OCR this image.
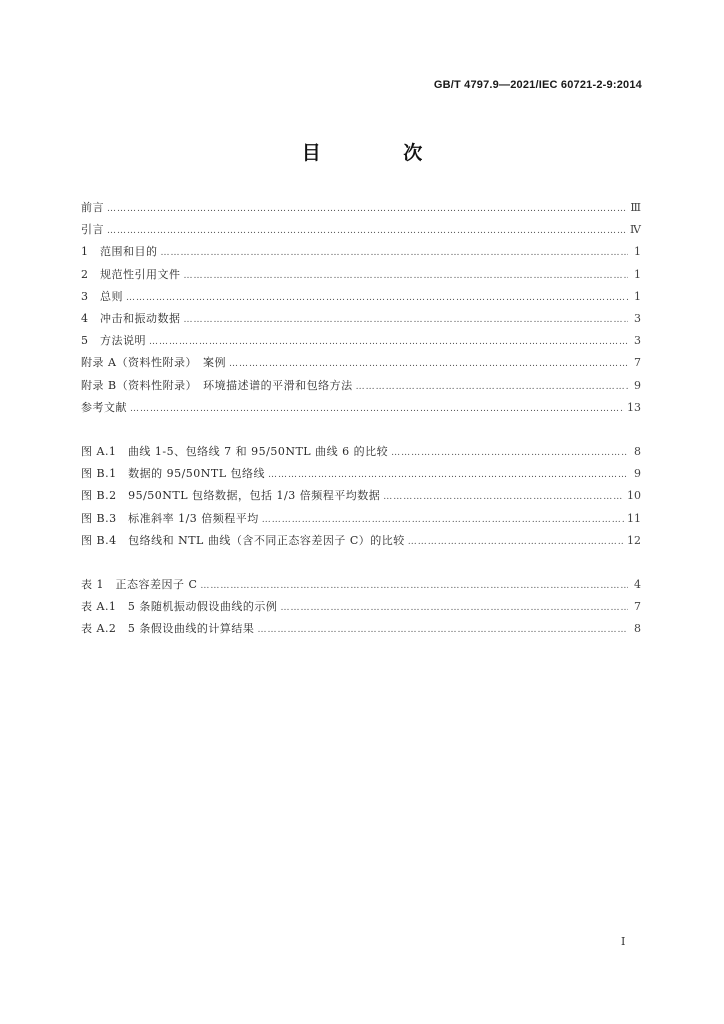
GB/T 4797.9—2021/IEC 60721-2-9:2014
目 次
前言 …………………………………………………………………………………………………………………………………………………………………………………………………………………………	Ⅲ
引言 …………………………………………………………………………………………………………………………………………………………………………………………………………………………	Ⅳ
1　范围和目的 …………………………………………………………………………………………………………………………………………………………………………………………………………………………	1
2　规范性引用文件 …………………………………………………………………………………………………………………………………………………………………………………………………………………………	1
3　总则 …………………………………………………………………………………………………………………………………………………………………………………………………………………………	1
4　冲击和振动数据 …………………………………………………………………………………………………………………………………………………………………………………………………………………………	3
5　方法说明 …………………………………………………………………………………………………………………………………………………………………………………………………………………………	3
附录 A（资料性附录）　案例 …………………………………………………………………………………………………………………………………………………………………………………………………………………………	7
附录 B（资料性附录）　环境描述谱的平滑和包络方法 …………………………………………………………………………………………………………………………………………………………………………………………………………………………	9
参考文献 …………………………………………………………………………………………………………………………………………………………………………………………………………………………	13
图 A.1　曲线 1-5、包络线 7 和 95/50NTL 曲线 6 的比较 …………………………………………………………………………………………………………………………………………………………………………………………………………………………	8
图 B.1　数据的 95/50NTL 包络线 …………………………………………………………………………………………………………………………………………………………………………………………………………………………	9
图 B.2　95/50NTL 包络数据，包括 1/3 倍频程平均数据 …………………………………………………………………………………………………………………………………………………………………………………………………………………………	10
图 B.3　标准斜率 1/3 倍频程平均 …………………………………………………………………………………………………………………………………………………………………………………………………………………………	11
图 B.4　包络线和 NTL 曲线（含不同正态容差因子 C）的比较 …………………………………………………………………………………………………………………………………………………………………………………………………………………………	12
表 1　正态容差因子 C …………………………………………………………………………………………………………………………………………………………………………………………………………………………	4
表 A.1　5 条随机振动假设曲线的示例 …………………………………………………………………………………………………………………………………………………………………………………………………………………………	7
表 A.2　5 条假设曲线的计算结果 …………………………………………………………………………………………………………………………………………………………………………………………………………………………	8
I
